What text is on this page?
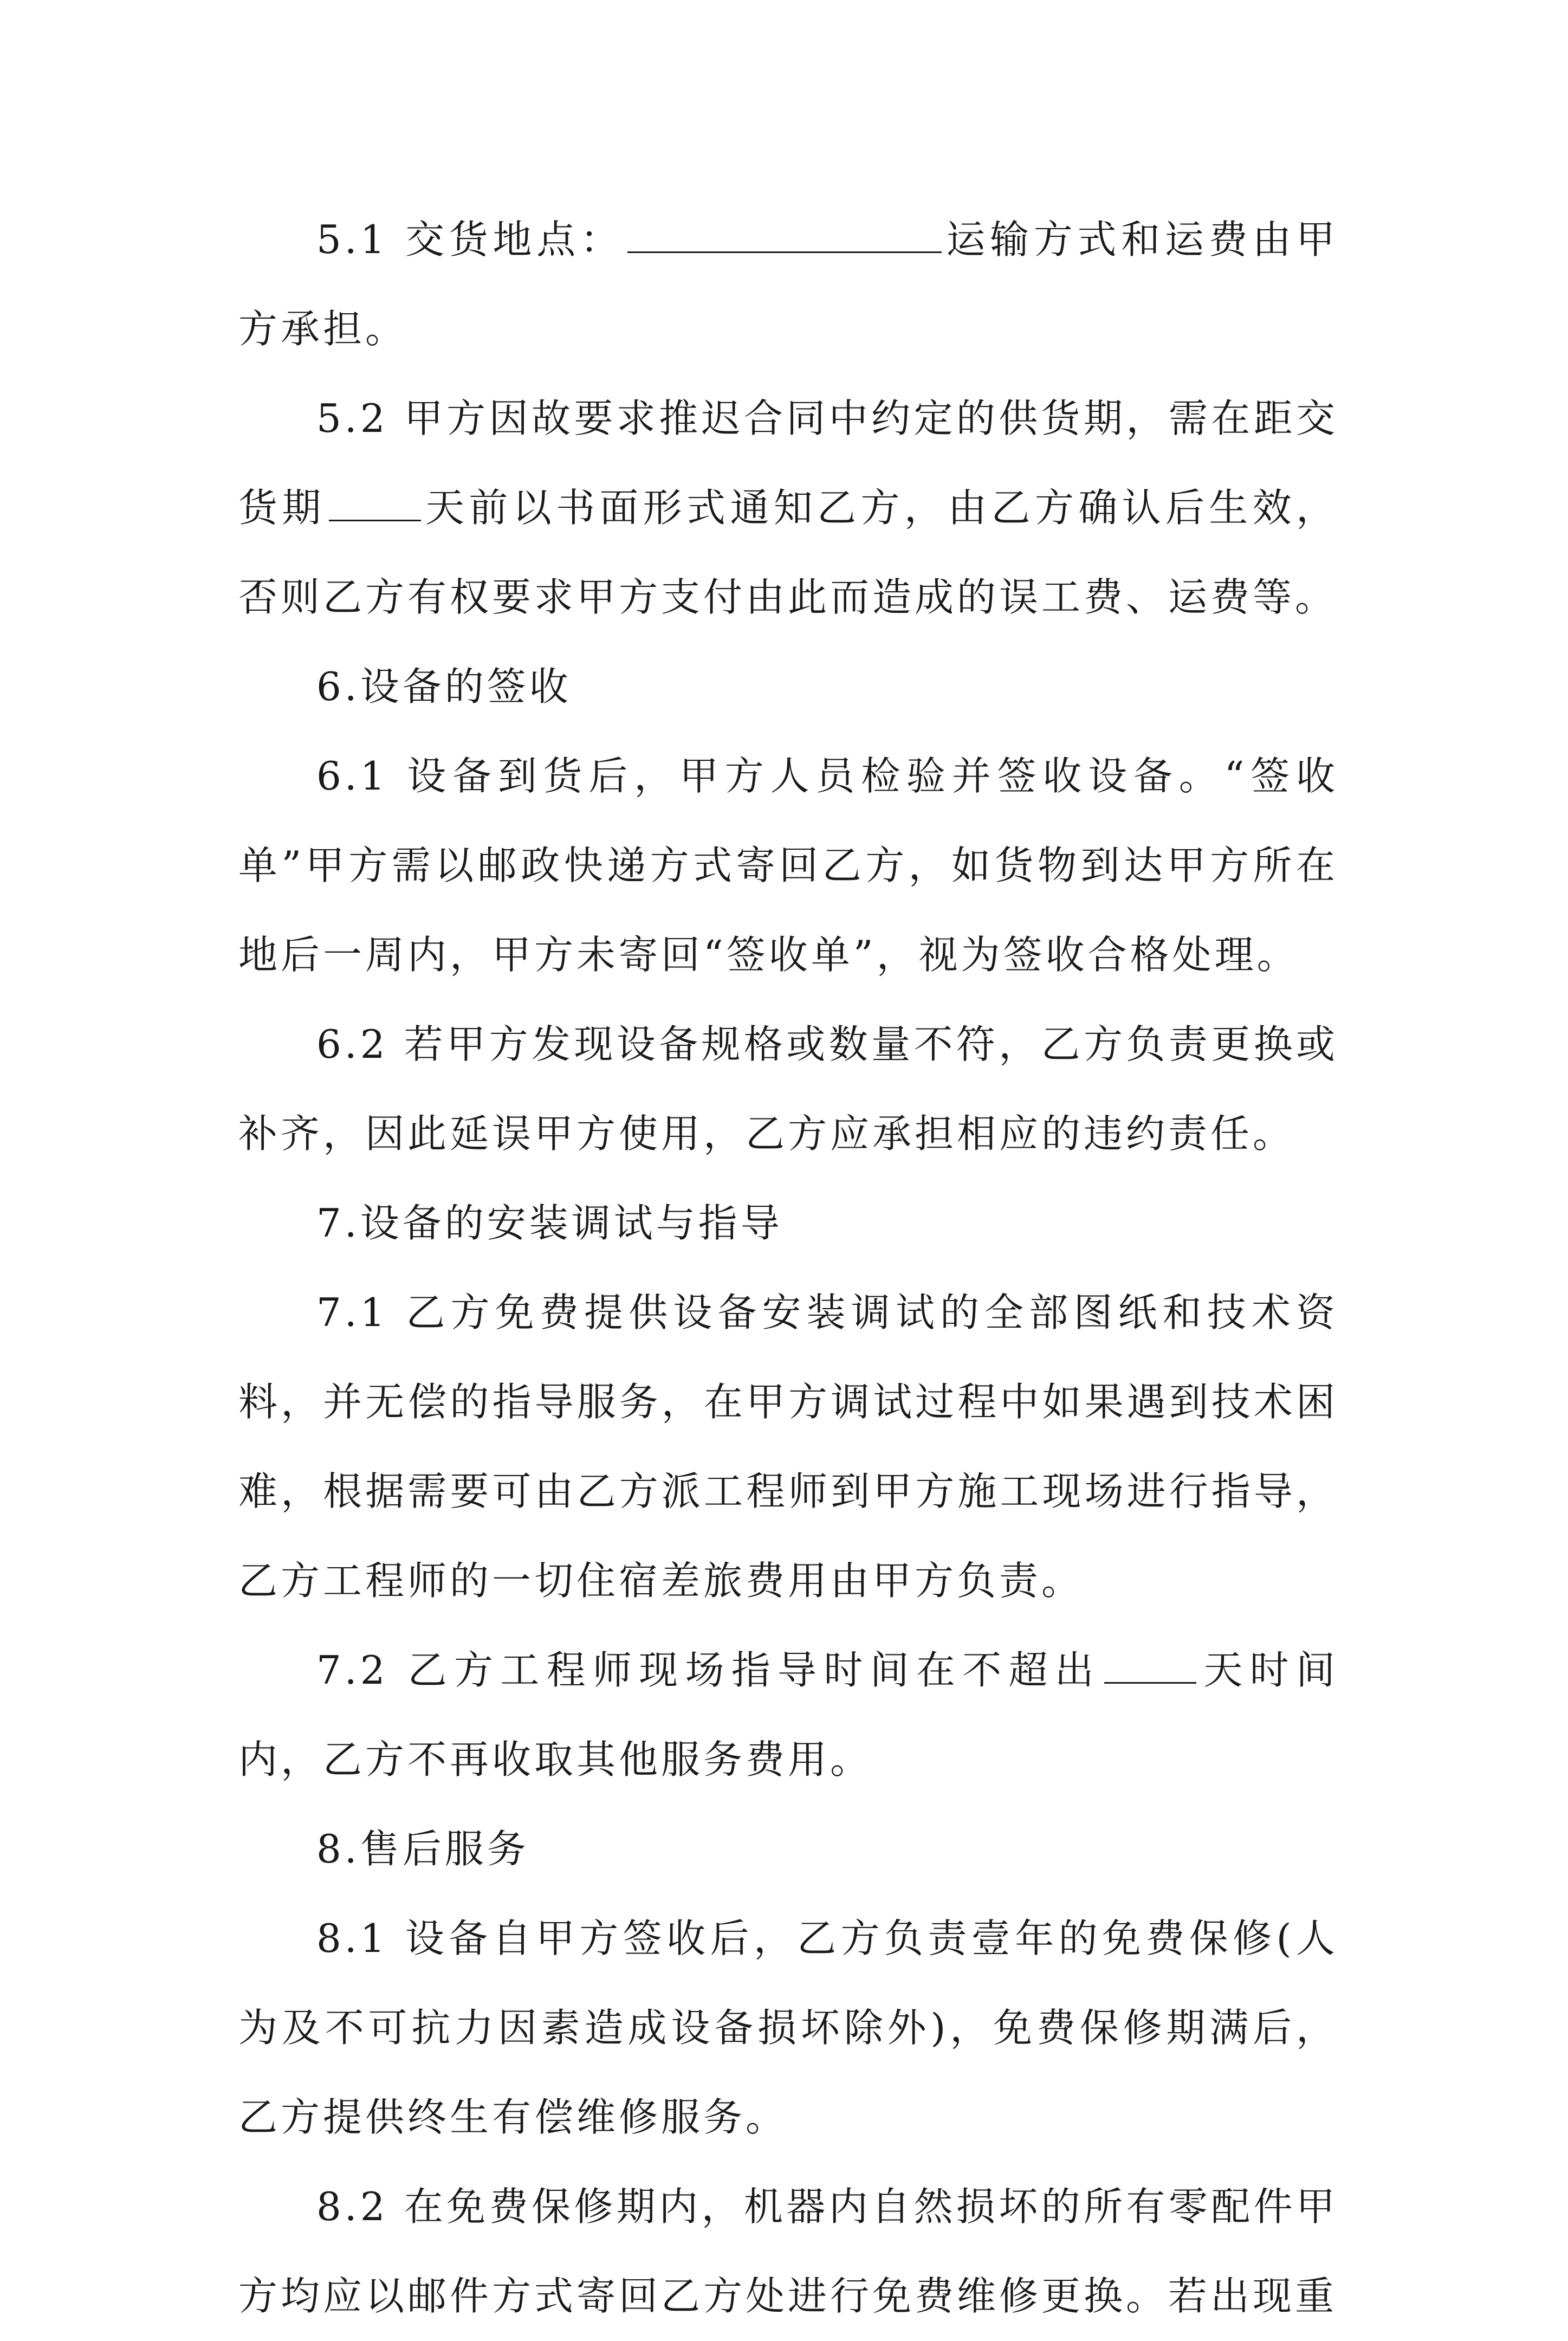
5.1 交货地点：	运输方式和运费由甲方承担。

5.2 甲方因故要求推迟合同中约定的供货期，需在距交货期	天前以书面形式通知乙方，由乙方确认后生效，否则乙方有权要求甲方支付由此而造成的误工费、运费等。

6.设备的签收

6.1 设备到货后，甲方人员检验并签收设备。“签收单”甲方需以邮政快递方式寄回乙方，如货物到达甲方所在地后一周内，甲方未寄回“签收单”，视为签收合格处理。

6.2 若甲方发现设备规格或数量不符，乙方负责更换或补齐，因此延误甲方使用，乙方应承担相应的违约责任。

7.设备的安装调试与指导

7.1 乙方免费提供设备安装调试的全部图纸和技术资料，并无偿的指导服务，在甲方调试过程中如果遇到技术困难，根据需要可由乙方派工程师到甲方施工现场进行指导，乙方工程师的一切住宿差旅费用由甲方负责。

7.2 乙方工程师现场指导时间在不超出	天时间内，乙方不再收取其他服务费用。

8.售后服务

8.1 设备自甲方签收后，乙方负责壹年的免费保修(人为及不可抗力因素造成设备损坏除外)，免费保修期满后，乙方提供终生有偿维修服务。

8.2 在免费保修期内，机器内自然损坏的所有零配件甲方均应以邮件方式寄回乙方处进行免费维修更换。若出现重
